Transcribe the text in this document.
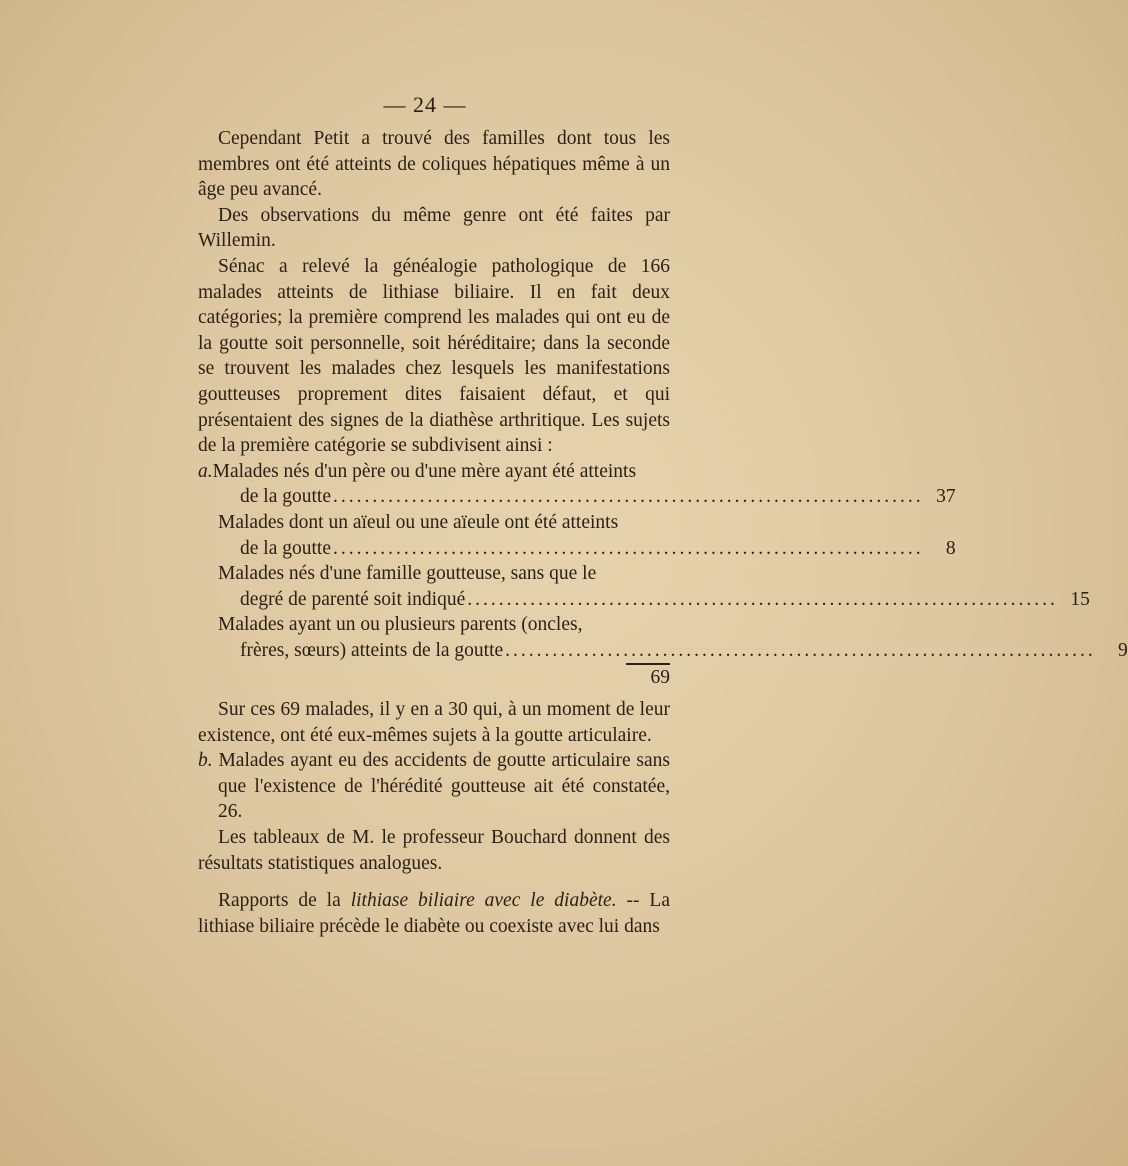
— 24 —

Cependant Petit a trouvé des familles dont tous les membres ont été atteints de coliques hépatiques même à un âge peu avancé.

Des observations du même genre ont été faites par Willemin.

Sénac a relevé la généalogie pathologique de 166 malades atteints de lithiase biliaire. Il en fait deux catégories; la première comprend les malades qui ont eu de la goutte soit personnelle, soit héréditaire; dans la seconde se trouvent les malades chez lesquels les manifestations goutteuses proprement dites faisaient défaut, et qui présentaient des signes de la diathèse arthritique. Les sujets de la première catégorie se subdivisent ainsi :

a.Malades nés d'un père ou d'une mère ayant été atteints

de la goutte ........................................................................... 37

Malades dont un aïeul ou une aïeule ont été atteints

de la goutte ...........................................................................	8

Malades nés d'une famille goutteuse, sans que le

degré de parenté soit indiqué ........................................................................... 15

Malades ayant un ou plusieurs parents (oncles,

frères, sœurs) atteints de la goutte ...........................................................................	9
69

Sur ces 69 malades, il y en a 30 qui, à un moment de leur existence, ont été eux-mêmes sujets à la goutte articulaire.

b. Malades ayant eu des accidents de goutte articulaire sans que l'existence de l'hérédité goutteuse ait été constatée, 26.

Les tableaux de M. le professeur Bouchard donnent des résultats statistiques analogues.

Rapports de la lithiase biliaire avec le diabète. -- La lithiase biliaire précède le diabète ou coexiste avec lui dans
